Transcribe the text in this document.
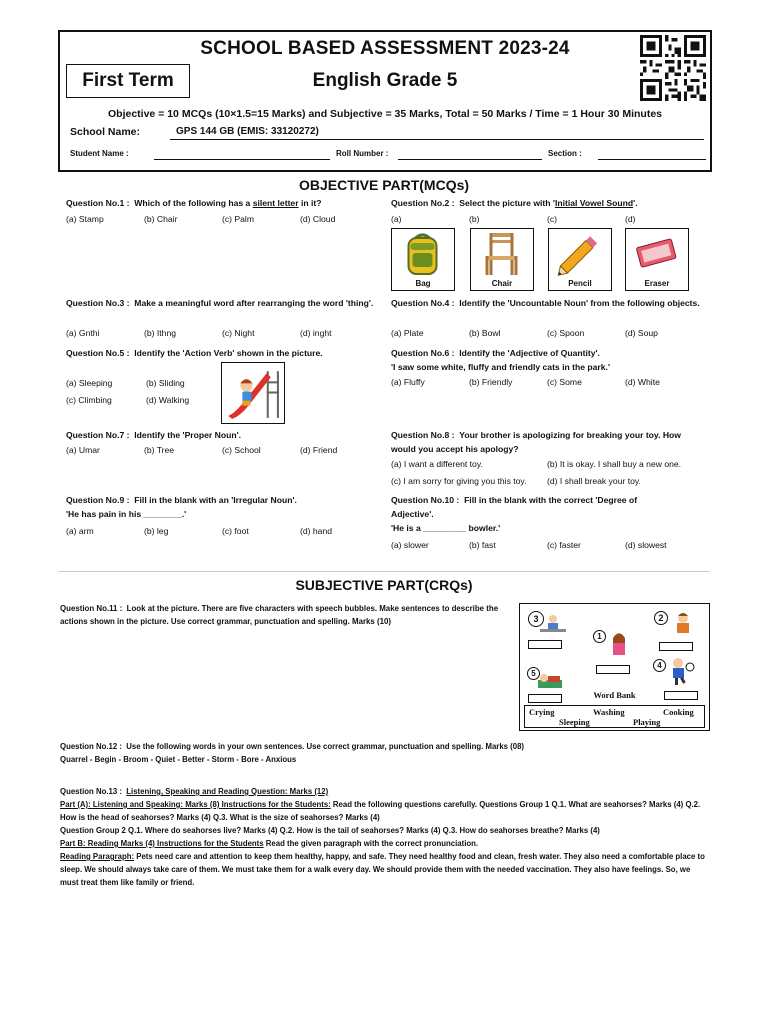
SCHOOL BASED ASSESSMENT 2023-24
First Term	English Grade 5
Objective = 10 MCQs (10×1.5=15 Marks) and Subjective = 35 Marks, Total = 50 Marks / Time = 1 Hour 30 Minutes
School Name:	GPS 144 GB (EMIS: 33120272)
Student Name :	Roll Number :	Section :
OBJECTIVE PART(MCQs)
Question No.1 : Which of the following has a silent letter in it?
(a) Stamp	(b) Chair	(c) Palm	(d) Cloud
Question No.2 : Select the picture with 'Initial Vowel Sound'.
(a)	(b)	(c)	(d)
Bag	Chair	Pencil	Eraser
Question No.3 : Make a meaningful word after rearranging the word 'thing'.
(a) Gnthi	(b) Ithng	(c) Night	(d) inght
Question No.4 : Identify the 'Uncountable Noun' from the following objects.
(a) Plate	(b) Bowl	(c) Spoon	(d) Soup
Question No.5 : Identify the 'Action Verb' shown in the picture.
(a) Sleeping	(b) Sliding
(c) Climbing	(d) Walking
Question No.6 : Identify the 'Adjective of Quantity'.
'I saw some white, fluffy and friendly cats in the park.'
(a) Fluffy	(b) Friendly	(c) Some	(d) White
Question No.7 : Identify the 'Proper Noun'.
(a) Umar	(b) Tree	(c) School	(d) Friend
Question No.8 : Your brother is apologizing for breaking your toy. How would you accept his apology?
(a) I want a different toy.	(b) It is okay. I shall buy a new one.
(c) I am sorry for giving you this toy. (d) I shall break your toy.
Question No.9 : Fill in the blank with an 'Irregular Noun'.
'He has pain in his ________.'
(a) arm	(b) leg	(c) foot	(d) hand
Question No.10 : Fill in the blank with the correct 'Degree of Adjective'.
'He is a _________ bowler.'
(a) slower	(b) fast	(c) faster	(d) slowest
SUBJECTIVE PART(CRQs)
Question No.11 : Look at the picture. There are five characters with speech bubbles. Make sentences to describe the actions shown in the picture. Use correct grammar, punctuation and spelling. Marks (10)	3	2
1
5
4
Word Bank
Crying	Washing	Cooking
Sleeping	Playing
Question No.12 : Use the following words in your own sentences. Use correct grammar, punctuation and spelling. Marks (08)
Quarrel - Begin - Broom - Quiet - Better - Storm - Bore - Anxious
Question No.13 : Listening, Speaking and Reading Question: Marks (12)
Part (A): Listening and Speaking: Marks (8) Instructions for the Students: Read the following questions carefully. Questions Group 1 Q.1. What are seahorses? Marks (4) Q.2. How is the head of seahorses? Marks (4) Q.3. What is the size of seahorses? Marks (4)
Question Group 2 Q.1. Where do seahorses live? Marks (4) Q.2. How is the tail of seahorses? Marks (4) Q.3. How do seahorses breathe? Marks (4)
Part B: Reading Marks (4) Instructions for the Students Read the given paragraph with the correct pronunciation.
Reading Paragraph: Pets need care and attention to keep them healthy, happy, and safe. They need healthy food and clean, fresh water. They also need a comfortable place to sleep. We should always take care of them. We must take them for a walk every day. We should provide them with the needed vaccination. They also have feelings. So, we must treat them like family or friend.
